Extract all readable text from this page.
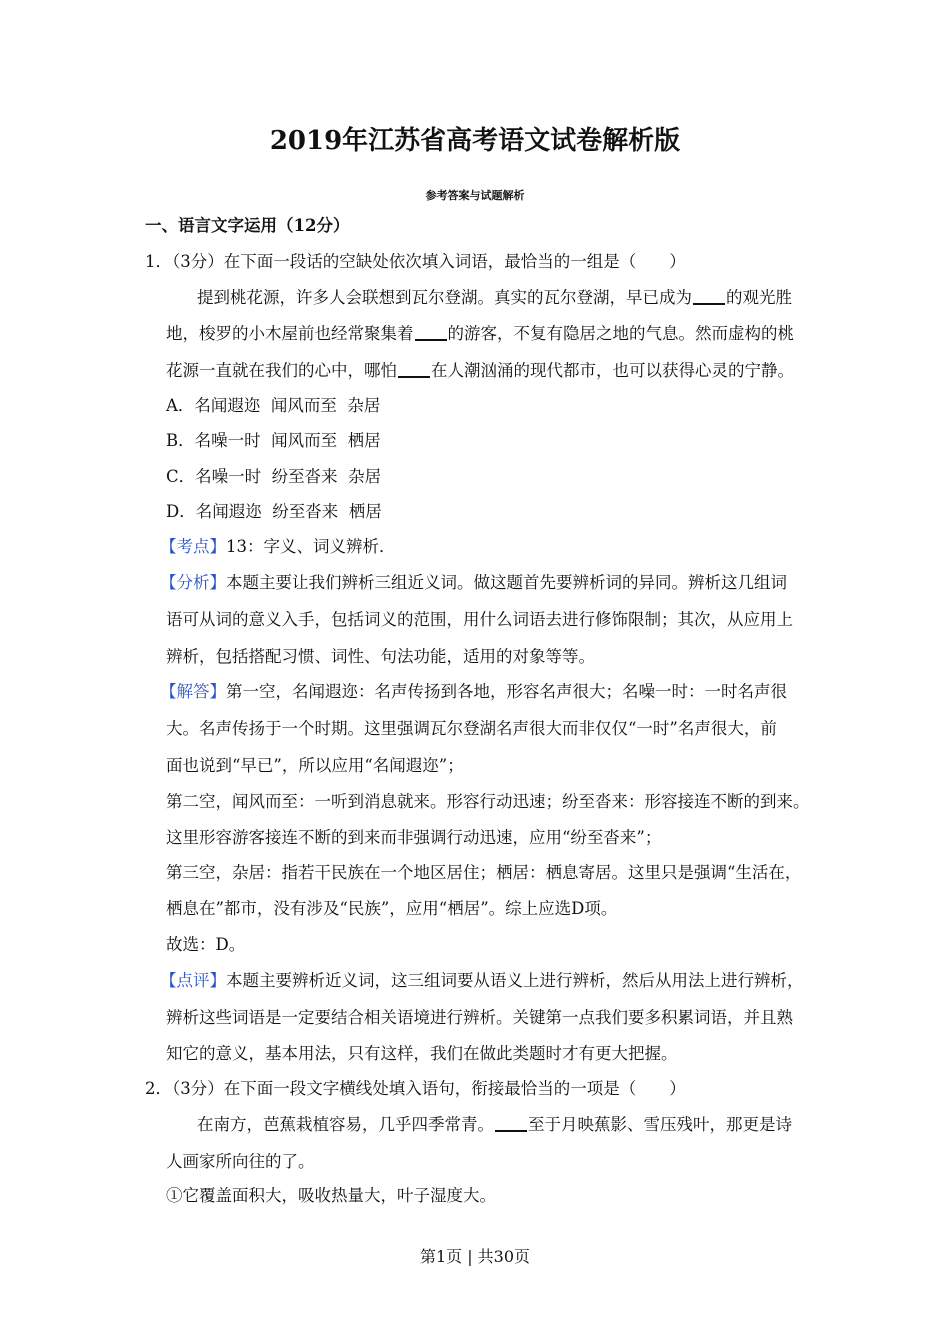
2019年江苏省高考语文试卷解析版
参考答案与试题解析
一、语言文字运用（12分）
1．（3分）在下面一段话的空缺处依次填入词语，最恰当的一组是（　　）
提到桃花源，许多人会联想到瓦尔登湖。真实的瓦尔登湖，早已成为 的观光胜
地，梭罗的小木屋前也经常聚集着 的游客，不复有隐居之地的气息。然而虚构的桃
花源一直就在我们的心中，哪怕 在人潮汹涌的现代都市，也可以获得心灵的宁静。
A．名闻遐迩  闻风而至  杂居
B．名噪一时  闻风而至  栖居
C．名噪一时  纷至沓来  杂居
D．名闻遐迩  纷至沓来  栖居
【考点】13：字义、词义辨析．
【分析】本题主要让我们辨析三组近义词。做这题首先要辨析词的异同。辨析这几组词
语可从词的意义入手，包括词义的范围，用什么词语去进行修饰限制；其次，从应用上
辨析，包括搭配习惯、词性、句法功能，适用的对象等等。
【解答】第一空，名闻遐迩：名声传扬到各地，形容名声很大；名噪一时：一时名声很
大。名声传扬于一个时期。这里强调瓦尔登湖名声很大而非仅仅“一时”名声很大，前
面也说到“早已”，所以应用“名闻遐迩”；
第二空，闻风而至：一听到消息就来。形容行动迅速；纷至沓来：形容接连不断的到来。
这里形容游客接连不断的到来而非强调行动迅速，应用“纷至沓来”；
第三空，杂居：指若干民族在一个地区居住；栖居：栖息寄居。这里只是强调“生活在，
栖息在”都市，没有涉及“民族”，应用“栖居”。综上应选D项。
故选：D。
【点评】本题主要辨析近义词，这三组词要从语义上进行辨析，然后从用法上进行辨析，
辨析这些词语是一定要结合相关语境进行辨析。关键第一点我们要多积累词语，并且熟
知它的意义，基本用法，只有这样，我们在做此类题时才有更大把握。
2．（3分）在下面一段文字横线处填入语句，衔接最恰当的一项是（　　）
在南方，芭蕉栽植容易，几乎四季常青。 至于月映蕉影、雪压残叶，那更是诗
人画家所向往的了。
①它覆盖面积大，吸收热量大，叶子湿度大。
第1页 | 共30页
